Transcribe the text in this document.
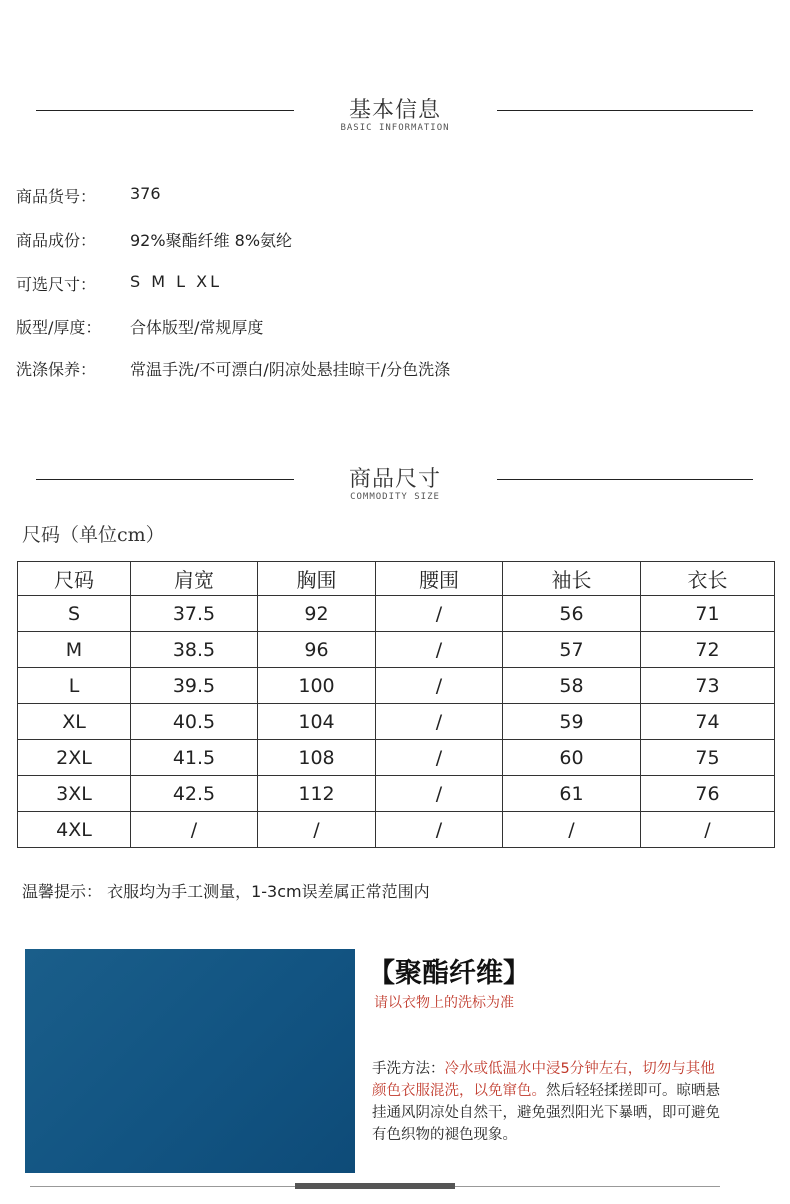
基本信息
BASIC INFORMATION
商品货号： 376
商品成份： 92%聚酯纤维 8%氨纶
可选尺寸： S M L XL
版型/厚度： 合体版型/常规厚度
洗涤保养： 常温手洗/不可漂白/阴凉处悬挂晾干/分色洗涤
商品尺寸
COMMODITY SIZE
尺码（单位cm）
尺码	肩宽	胸围	腰围	袖长	衣长
S	37.5	92	/	56	71
M	38.5	96	/	57	72
L	39.5	100	/	58	73
XL	40.5	104	/	59	74
2XL	41.5	108	/	60	75
3XL	42.5	112	/	61	76
4XL	/	/	/	/	/
温馨提示： 衣服均为手工测量，1-3cm误差属正常范围内
【聚酯纤维】
请以衣物上的洗标为准
手洗方法：冷水或低温水中浸5分钟左右，切勿与其他颜色衣服混洗，以免窜色。然后轻轻揉搓即可。晾晒悬挂通风阴凉处自然干，避免强烈阳光下暴晒，即可避免有色织物的褪色现象。
